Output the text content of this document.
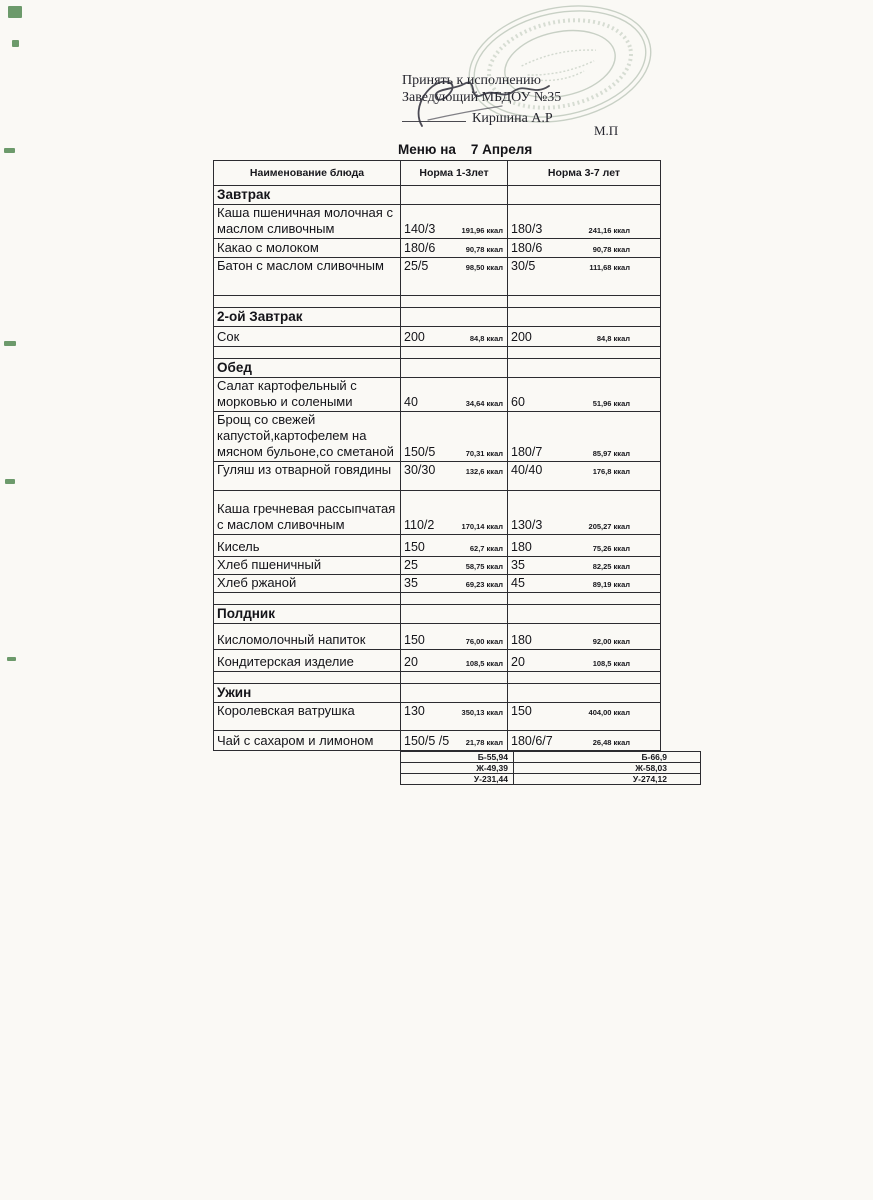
Принять к исполнению
Заведующий МБДОУ №35
Киршина А.Р
М.П
Меню на    7 Апреля
Наименование блюда	Норма 1-3лет	Норма 3-7 лет
Завтрак		
Каша пшеничная молочная с маслом сливочным	140/3 191,96 ккал	180/3 241,16 ккал

Какао с молоком	180/6 90,78 ккал	180/6 90,78 ккал

Батон с маслом сливочным	25/5 98,50 ккал	30/5 111,68 ккал

2-ой Завтрак		
Сок	200 84,8 ккал	200 84,8 ккал

Обед		
Салат картофельный с морковью и солеными	40 34,64 ккал	60 51,96 ккал

Брощ со свежей капустой,картофелем на мясном бульоне,со сметаной	150/5 70,31 ккал	180/7 85,97 ккал

Гуляш из отварной говядины	30/30 132,6 ккал	40/40 176,8 ккал

Каша гречневая рассыпчатая с маслом сливочным	110/2 170,14 ккал	130/3 205,27 ккал

Кисель	150 62,7 ккал	180 75,26 ккал

Хлеб пшеничный	25 58,75 ккал	35 82,25 ккал

Хлеб ржаной	35 69,23 ккал	45 89,19 ккал

Полдник		
Кисломолочный напиток	150 76,00 ккал	180 92,00 ккал

Кондитерская изделие	20 108,5 ккал	20 108,5 ккал

Ужин		
Королевская ватрушка	130 350,13 ккал	150 404,00 ккал

Чай с сахаром и лимоном	150/5 /5 21,78 ккал	180/6/7 26,48 ккал
Б-55,94	Б-66,9
Ж-49,39	Ж-58,03
У-231,44	У-274,12
